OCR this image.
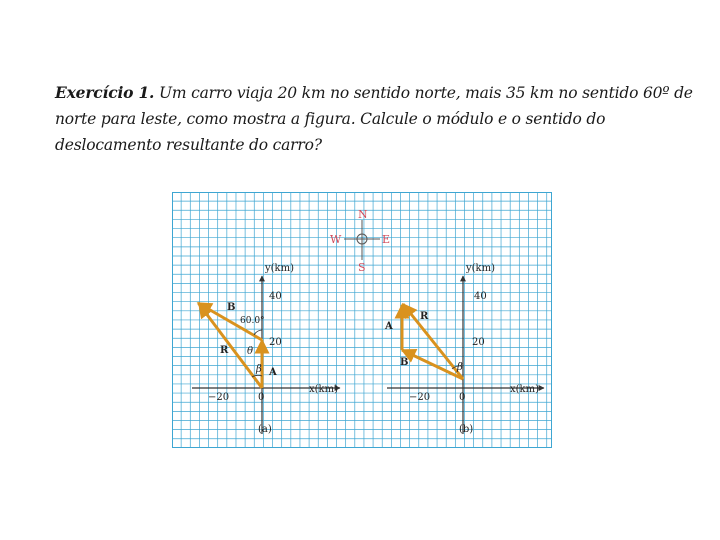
Exercício 1. Um carro viaja 20 km no sentido norte, mais 35 km no sentido 60º de norte para leste, como mostra a figura. Calcule o módulo e o sentido do deslocamento resultante do carro?

N
S
E
W
y(km)
x(km)
40
20
−20	0
B
60.0°
θ
R
β A
(a)
y(km)
x(km)
40
20
−20	0
R
A
B	β
(b)
